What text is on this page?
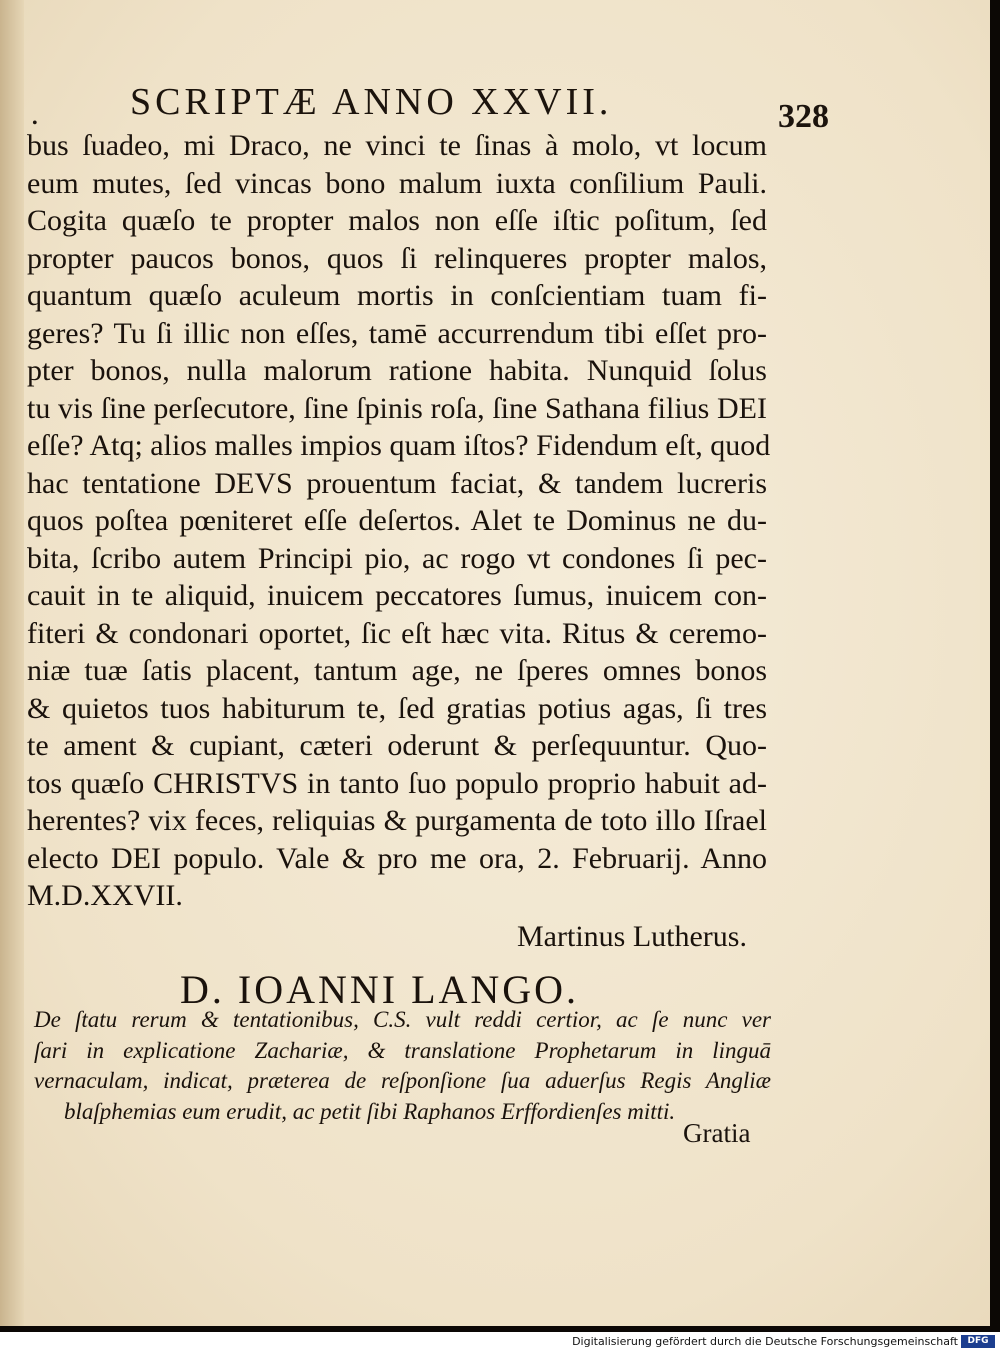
SCRIPTÆ ANNO XXVII.
•	328
bus ſuadeo, mi Draco, ne vinci te ſinas à molo, vt locum
eum mutes, ſed vincas bono malum iuxta conſilium Pauli.
Cogita quæſo te propter malos non eſſe iſtic poſitum, ſed
propter paucos bonos, quos ſi relinqueres propter malos,
quantum quæſo aculeum mortis in conſcientiam tuam fi-
geres? Tu ſi illic non eſſes, tamē accurrendum tibi eſſet pro-
pter bonos, nulla malorum ratione habita. Nunquid ſolus
tu vis ſine perſecutore, ſine ſpinis roſa, ſine Sathana filius DEI
eſſe? Atq; alios malles impios quam iſtos? Fidendum eſt, quod
hac tentatione DEVS prouentum faciat, & tandem lucreris
quos poſtea pœniteret eſſe deſertos. Alet te Dominus ne du-
bita, ſcribo autem Principi pio, ac rogo vt condones ſi pec-
cauit in te aliquid, inuicem peccatores ſumus, inuicem con-
fiteri & condonari oportet, ſic eſt hæc vita. Ritus & ceremo-
niæ tuæ ſatis placent, tantum age, ne ſperes omnes bonos
& quietos tuos habiturum te, ſed gratias potius agas, ſi tres
te ament & cupiant, cæteri oderunt & perſequuntur. Quo-
tos quæſo CHRISTVS in tanto ſuo populo proprio habuit ad-
herentes? vix feces, reliquias & purgamenta de toto illo Iſrael
electo DEI populo. Vale & pro me ora, 2. Februarij. Anno
M.D.XXVII.
Martinus Lutherus.
D. IOANNI LANGO.
De ſtatu rerum & tentationibus, C.S. vult reddi certior, ac ſe nunc ver
ſari in explicatione Zachariæ, & translatione Prophetarum in linguā
vernaculam, indicat, præterea de reſponſione ſua aduerſus Regis Angliæ
blaſphemias eum erudit, ac petit ſibi Raphanos Erffordienſes mitti.
Gratia
Digitalisierung gefördert durch die Deutsche Forschungsgemeinschaft	DFG
